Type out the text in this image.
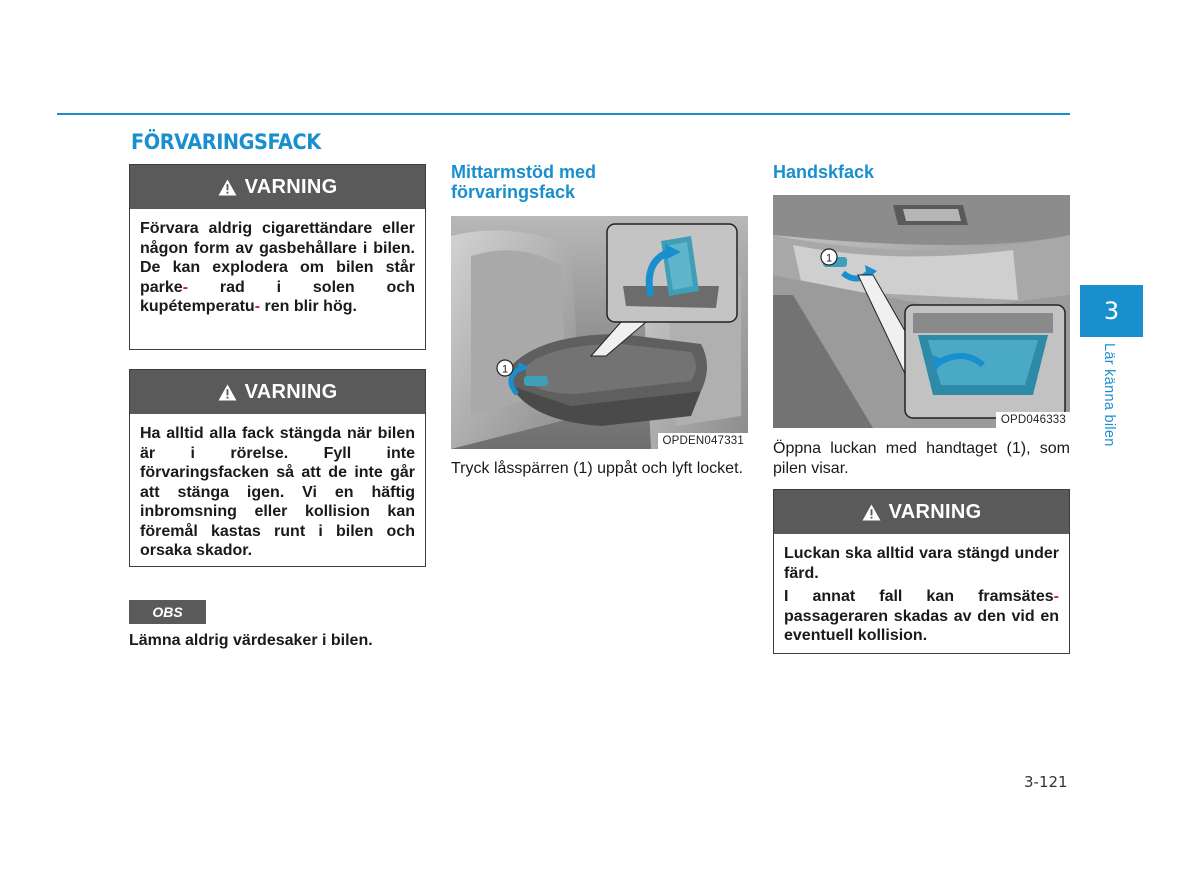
FÖRVARINGSFACK
VARNING

Förvara aldrig cigarettändare eller någon form av gasbehållare i bilen. De kan explodera om bilen står parke- rad i solen och kupétemperatu- ren blir hög.

VARNING

Ha alltid alla fack stängda när bilen är i rörelse. Fyll inte förvaringsfacken så att de inte går att stänga igen. Vi en häftig inbromsning eller kollision kan föremål kastas runt i bilen och orsaka skador.

OBS

Lämna aldrig värdesaker i bilen.

Mittarmstöd med förvaringsfack
1
OPDEN047331

Tryck låsspärren (1) uppåt och lyft locket.

Handskfack
1
OPD046333

Öppna luckan med handtaget (1), som pilen visar.

VARNING

Luckan ska alltid vara stängd under färd.

I annat fall kan framsätes-passageraren skadas av den vid en eventuell kollision.

3
Lär känna bilen
3-121
